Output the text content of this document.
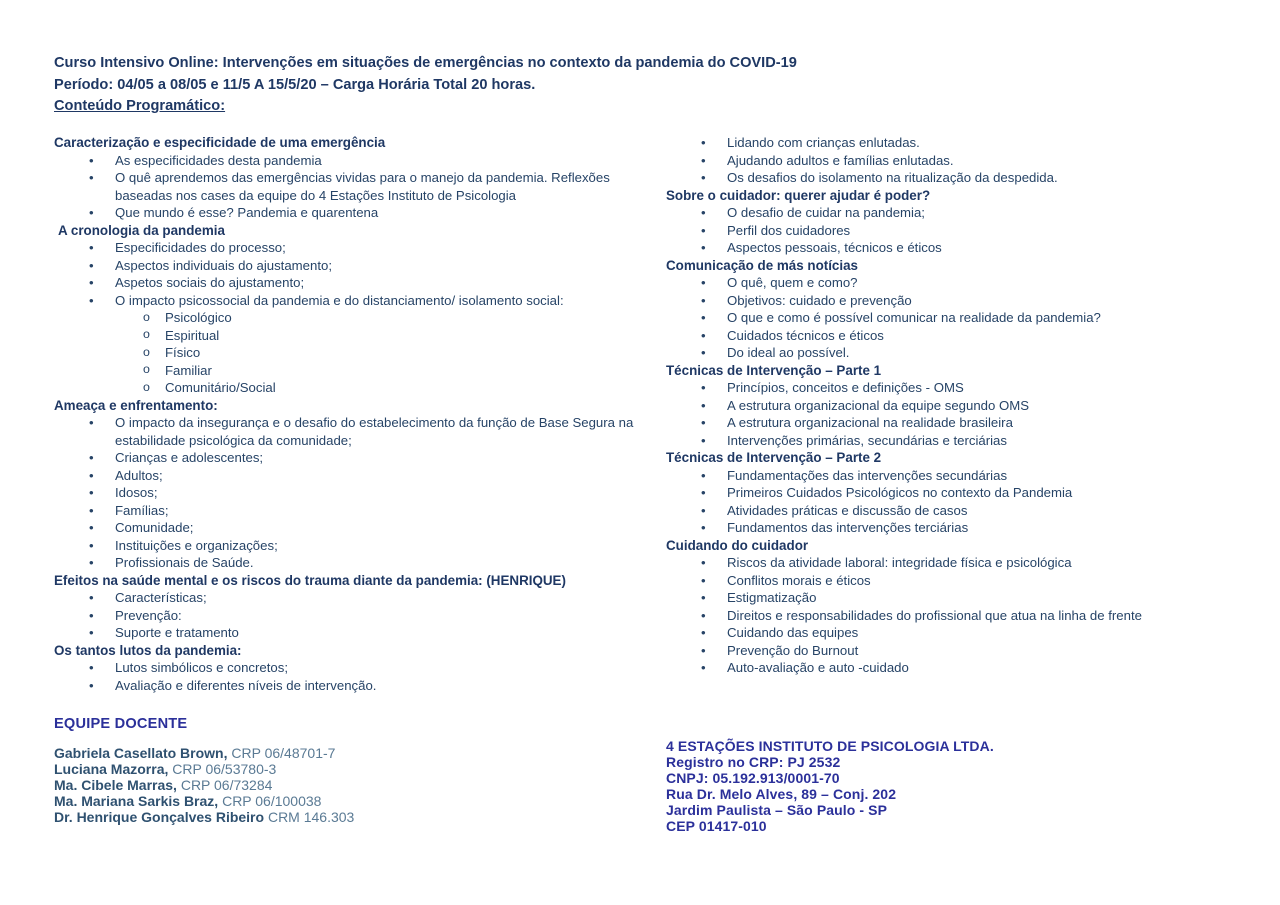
Curso Intensivo Online: Intervenções em situações de emergências no contexto da pandemia do COVID-19
Período: 04/05 a 08/05 e 11/5 A 15/5/20 – Carga Horária Total 20 horas.
Conteúdo Programático:
Caracterização e especificidade de uma emergência
• As especificidades desta pandemia
• O quê aprendemos das emergências vividas para o manejo da pandemia. Reflexões baseadas nos cases da equipe do 4 Estações Instituto de Psicologia
• Que mundo é esse? Pandemia e quarentena
A cronologia da pandemia
• Especificidades do processo;
• Aspectos individuais do ajustamento;
• Aspetos sociais do ajustamento;
• O impacto psicossocial da pandemia e do distanciamento/ isolamento social:
o Psicológico
o Espiritual
o Físico
o Familiar
o Comunitário/Social
Ameaça e enfrentamento:
• O impacto da insegurança e o desafio do estabelecimento da função de Base Segura na estabilidade psicológica da comunidade;
• Crianças e adolescentes;
• Adultos;
• Idosos;
• Famílias;
• Comunidade;
• Instituições e organizações;
• Profissionais de Saúde.
Efeitos na saúde mental e os riscos do trauma diante da pandemia: (HENRIQUE)
• Características;
• Prevenção:
• Suporte e tratamento
Os tantos lutos da pandemia:
• Lutos simbólicos e concretos;
• Avaliação e diferentes níveis de intervenção.
• Lidando com crianças enlutadas.
• Ajudando adultos e famílias enlutadas.
• Os desafios do isolamento na ritualização da despedida.
Sobre o cuidador: querer ajudar é poder?
• O desafio de cuidar na pandemia;
• Perfil dos cuidadores
• Aspectos pessoais, técnicos e éticos
Comunicação de más notícias
• O quê, quem e como?
• Objetivos: cuidado e prevenção
• O que e como é possível comunicar na realidade da pandemia?
• Cuidados técnicos e éticos
• Do ideal ao possível.
Técnicas de Intervenção – Parte 1
• Princípios, conceitos e definições - OMS
• A estrutura organizacional da equipe segundo OMS
• A estrutura organizacional na realidade brasileira
• Intervenções primárias, secundárias e terciárias
Técnicas de Intervenção – Parte 2
• Fundamentações das intervenções secundárias
• Primeiros Cuidados Psicológicos no contexto da Pandemia
• Atividades práticas e discussão de casos
• Fundamentos das intervenções terciárias
Cuidando do cuidador
• Riscos da atividade laboral: integridade física e psicológica
• Conflitos morais e éticos
• Estigmatização
• Direitos e responsabilidades do profissional que atua na linha de frente
• Cuidando das equipes
• Prevenção do Burnout
• Auto-avaliação e auto -cuidado
EQUIPE DOCENTE
Gabriela Casellato Brown, CRP 06/48701-7
Luciana Mazorra, CRP 06/53780-3
Ma. Cibele Marras, CRP 06/73284
Ma. Mariana Sarkis Braz, CRP 06/100038
Dr. Henrique Gonçalves Ribeiro CRM 146.303
4 ESTAÇÕES INSTITUTO DE PSICOLOGIA LTDA.
Registro no CRP: PJ 2532
CNPJ: 05.192.913/0001-70
Rua Dr. Melo Alves, 89 – Conj. 202
Jardim Paulista – São Paulo - SP
CEP 01417-010
